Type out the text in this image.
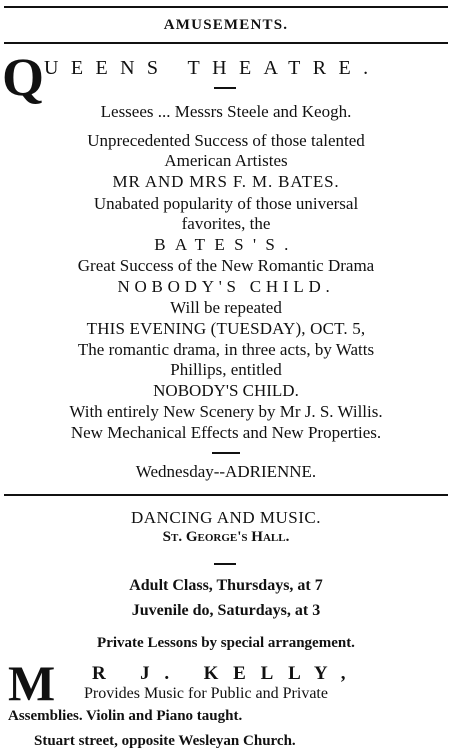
AMUSEMENTS.
Q UEENS THEATRE.
Lessees ... Messrs Steele and Keogh.
Unprecedented Success of those talented
American Artistes
MR AND MRS F. M. BATES.
Unabated popularity of those universal
favorites, the
BATES'S.
Great Success of the New Romantic Drama
NOBODY'S CHILD.
Will be repeated
THIS EVENING (TUESDAY), OCT. 5,
The romantic drama, in three acts, by Watts
Phillips, entitled
NOBODY'S CHILD.
With entirely New Scenery by Mr J. S. Willis.
New Mechanical Effects and New Properties.
Wednesday--ADRIENNE.
DANCING AND MUSIC.
St. George's Hall.
Adult Class, Thursdays, at 7
Juvenile do, Saturdays, at 3
Private Lessons by special arrangement.
M R J. KELLY,
Provides Music for Public and Private
Assemblies. Violin and Piano taught.
Stuart street, opposite Wesleyan Church.
